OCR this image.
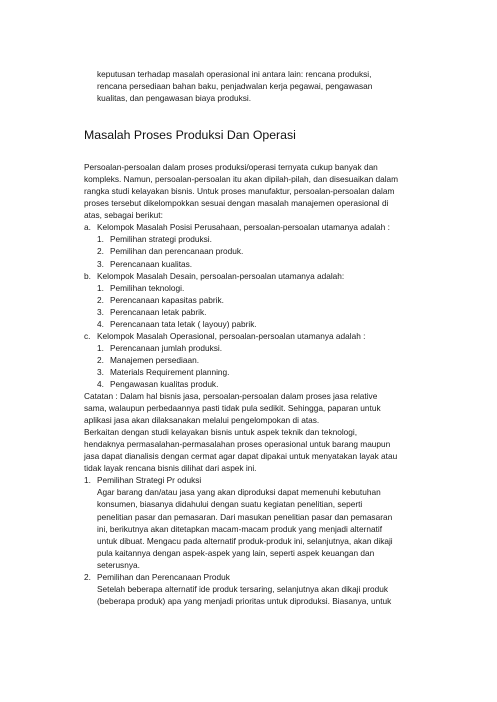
keputusan terhadap masalah operasional ini antara lain: rencana produksi,

rencana persediaan bahan baku, penjadwalan kerja pegawai, pengawasan

kualitas, dan pengawasan biaya produksi.

Masalah Proses Produksi Dan Operasi

Persoalan-persoalan dalam proses produksi/operasi ternyata cukup banyak dan

kompleks. Namun, persoalan-persoalan itu akan dipilah-pilah, dan disesuaikan dalam

rangka studi kelayakan bisnis. Untuk proses manufaktur, persoalan-persoalan dalam

proses tersebut dikelompokkan sesuai dengan masalah manajemen operasional di

atas, sebagai berikut:

a. Kelompok Masalah Posisi Perusahaan, persoalan-persoalan utamanya adalah :
1. Pemilihan strategi produksi.
2. Pemilihan dan perencanaan produk.
3. Perencanaan kualitas.
b. Kelompok Masalah Desain, persoalan-persoalan utamanya adalah:
1. Pemilihan teknologi.
2. Perencanaan kapasitas pabrik.
3. Perencanaan letak pabrik.
4. Perencanaan tata letak ( layouy) pabrik.
c. Kelompok Masalah Operasional, persoalan-persoalan utamanya adalah :
1. Perencanaan jumlah produksi.
2. Manajemen persediaan.
3. Materials Requirement planning.
4. Pengawasan kualitas produk.

Catatan : Dalam hal bisnis jasa, persoalan-persoalan dalam proses jasa relative

sama, walaupun perbedaannya pasti tidak pula sedikit. Sehingga, paparan untuk

aplikasi jasa akan dilaksanakan melalui pengelompokan di atas.

Berkaitan dengan studi kelayakan bisnis untuk aspek teknik dan teknologi,

hendaknya permasalahan-permasalahan proses operasional untuk barang maupun

jasa dapat dianalisis dengan cermat agar dapat dipakai untuk menyatakan layak atau

tidak layak rencana bisnis dilihat dari aspek ini.

1. Pemilihan Strategi Pr oduksi

Agar barang dan/atau jasa yang akan diproduksi dapat memenuhi kebutuhan

konsumen, biasanya didahului dengan suatu kegiatan penelitian, seperti

penelitian pasar dan pemasaran. Dari masukan penelitian pasar dan pemasaran

ini, berikutnya akan ditetapkan macam-macam produk yang menjadi alternatif

untuk dibuat. Mengacu pada alternatif produk-produk ini, selanjutnya, akan dikaji

pula kaitannya dengan aspek-aspek yang lain, seperti aspek keuangan dan

seterusnya.

2. Pemilihan dan Perencanaan Produk

Setelah beberapa alternatif ide produk tersaring, selanjutnya akan dikaji produk

(beberapa produk) apa yang menjadi prioritas untuk diproduksi. Biasanya, untuk
